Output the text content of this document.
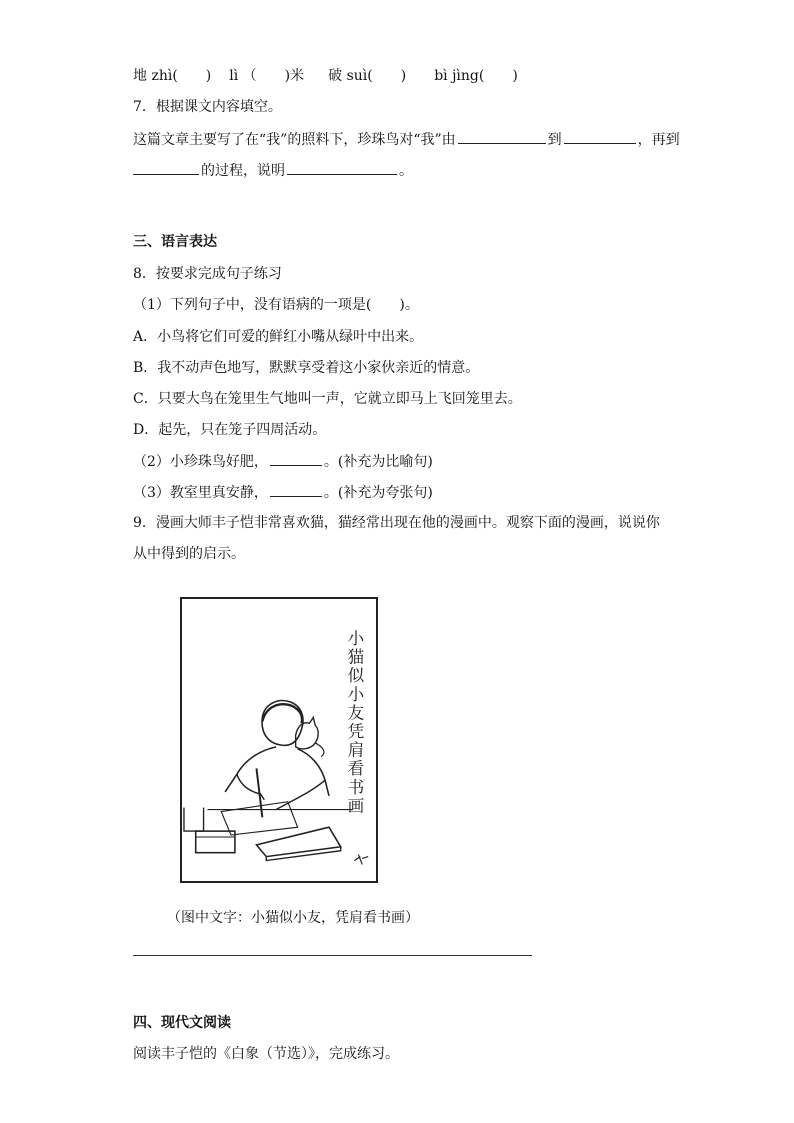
地 zhì(　　) lì （　　)米 破 suì(　　) bì jìng(　　)
7．根据课文内容填空。
这篇文章主要写了在“我”的照料下，珍珠鸟对“我”由	到	，再到
的过程，说明	。
三、语言表达
8．按要求完成句子练习
（1）下列句子中，没有语病的一项是(　　)。
A．小鸟将它们可爱的鲜红小嘴从绿叶中出来。
B．我不动声色地写，默默享受着这小家伙亲近的情意。
C．只要大鸟在笼里生气地叫一声，它就立即马上飞回笼里去。
D．起先，只在笼子四周活动。
（2）小珍珠鸟好肥，	。(补充为比喻句)
（3）教室里真安静，	。(补充为夸张句)
9．漫画大师丰子恺非常喜欢猫，猫经常出现在他的漫画中。观察下面的漫画，说说你
从中得到的启示。
小猫似小友凭肩看书画
（图中文字：小猫似小友，凭肩看书画）
四、现代文阅读
阅读丰子恺的《白象（节选）》，完成练习。
